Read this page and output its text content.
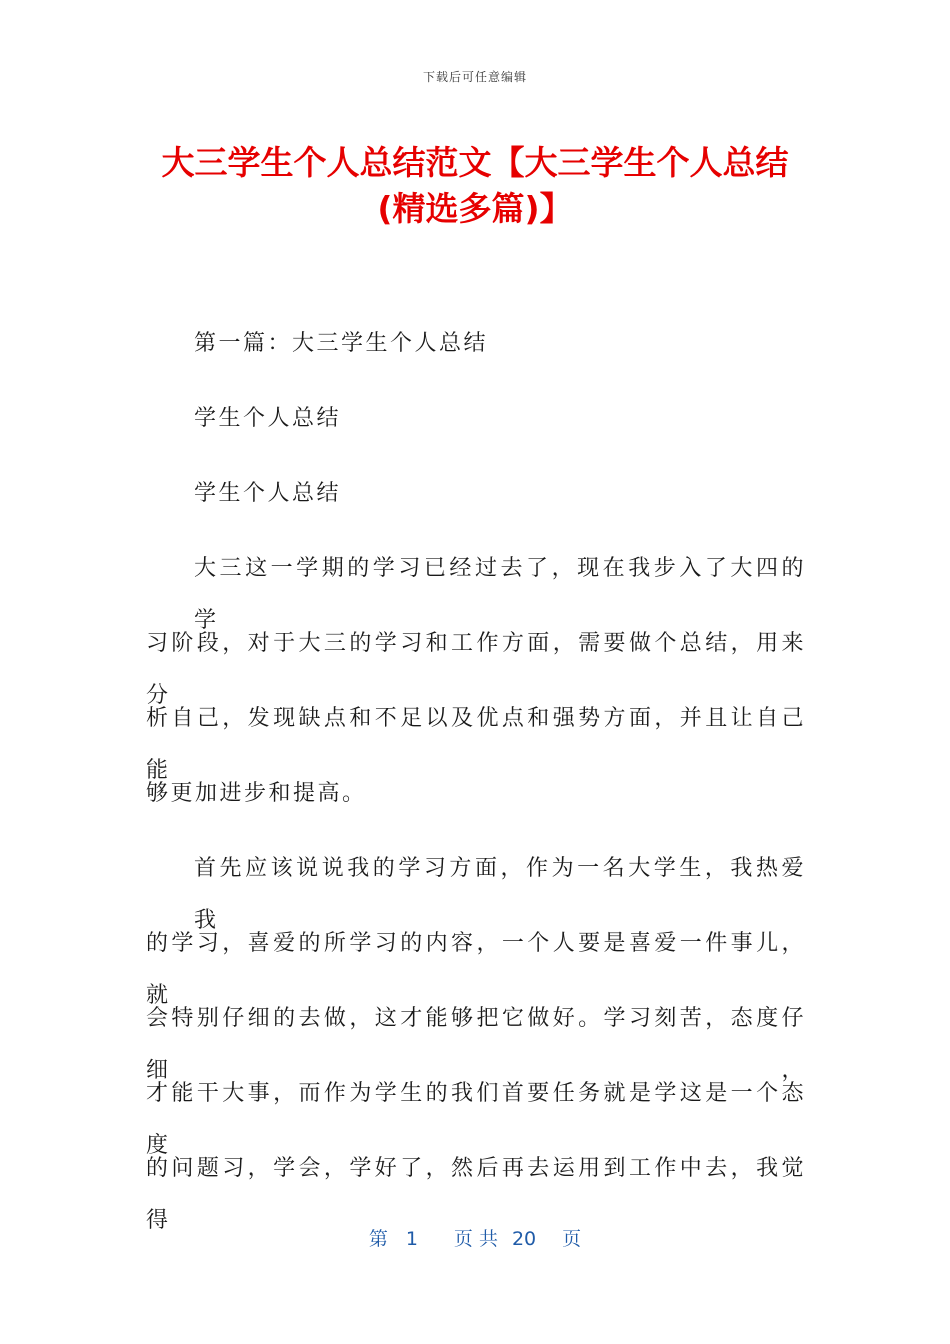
下载后可任意编辑
大三学生个人总结范文【大三学生个人总结
(精选多篇)】
第一篇：大三学生个人总结
学生个人总结
学生个人总结
大三这一学期的学习已经过去了，现在我步入了大四的学
习阶段，对于大三的学习和工作方面，需要做个总结，用来分
析自己，发现缺点和不足以及优点和强势方面，并且让自己能
够更加进步和提高。
首先应该说说我的学习方面，作为一名大学生，我热爱我
的学习，喜爱的所学习的内容，一个人要是喜爱一件事儿，就
会特别仔细的去做，这才能够把它做好。学习刻苦，态度仔细，
才能干大事，而作为学生的我们首要任务就是学这是一个态度
的问题习，学会，学好了，然后再去运用到工作中去，我觉得
第 1 页 共 20 页
